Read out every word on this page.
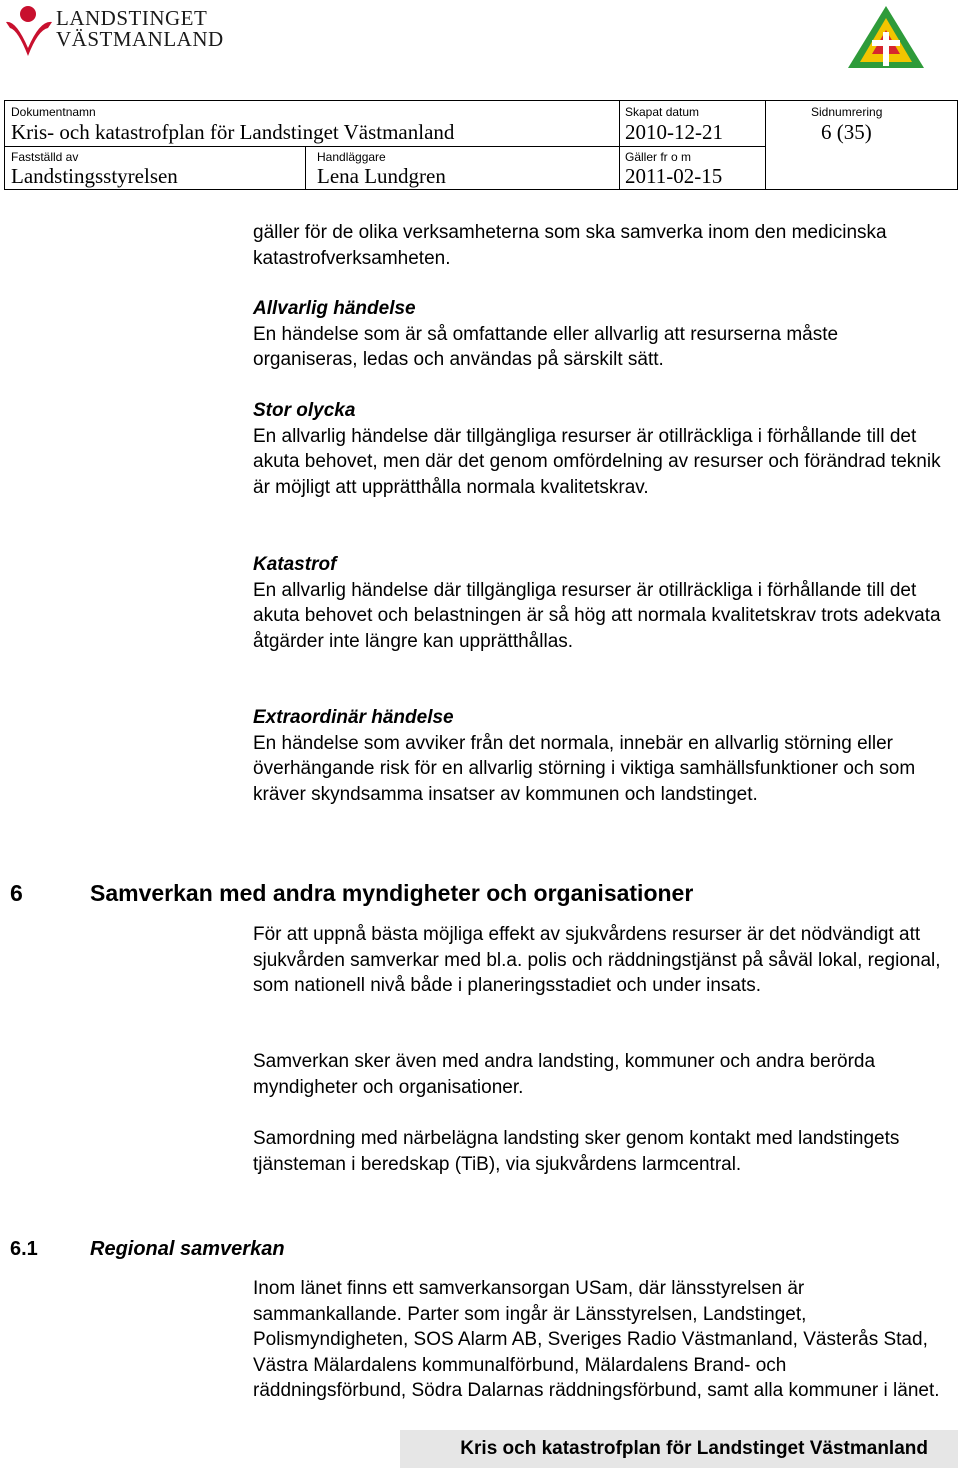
LANDSTINGET
VÄSTMANLAND
Dokumentnamn
Kris- och katastrofplan för Landstinget Västmanland
Skapat datum
2010-12-21
Sidnumrering
6 (35)
Fastställd av
Landstingsstyrelsen
Handläggare
Lena Lundgren
Gäller fr o m
2011-02-15
gäller för de olika verksamheterna som ska samverka inom den medicinska katastrofverksamheten.
Allvarlig händelse
En händelse som är så omfattande eller allvarlig att resurserna måste organiseras, ledas och användas på särskilt sätt.
Stor olycka
En allvarlig händelse där tillgängliga resurser är otillräckliga i förhållande till det akuta behovet, men där det genom omfördelning av resurser och förändrad teknik är möjligt att upprätthålla normala kvalitetskrav.
Katastrof
En allvarlig händelse där tillgängliga resurser är otillräckliga i förhållande till det akuta behovet och belastningen är så hög att normala kvalitetskrav trots adekvata åtgärder inte längre kan upprätthållas.
Extraordinär händelse
En händelse som avviker från det normala, innebär en allvarlig störning eller överhängande risk för en allvarlig störning i viktiga samhällsfunktioner och som kräver skyndsamma insatser av kommunen och landstinget.
6	Samverkan med andra myndigheter och organisationer
För att uppnå bästa möjliga effekt av sjukvårdens resurser är det nödvändigt att sjukvården samverkar med bl.a. polis och räddningstjänst på såväl lokal, regional, som nationell nivå både i planeringsstadiet och under insats.
Samverkan sker även med andra landsting, kommuner och andra berörda myndigheter och organisationer.
Samordning med närbelägna landsting sker genom kontakt med landstingets tjänsteman i beredskap (TiB), via sjukvårdens larmcentral.
6.1	Regional samverkan
Inom länet finns ett samverkansorgan USam, där länsstyrelsen är sammankallande. Parter som ingår är Länsstyrelsen, Landstinget, Polismyndigheten, SOS Alarm AB, Sveriges Radio Västmanland, Västerås Stad, Västra Mälardalens kommunalförbund, Mälardalens Brand- och räddningsförbund, Södra Dalarnas räddningsförbund, samt alla kommuner i länet.
Kris och katastrofplan för Landstinget Västmanland
